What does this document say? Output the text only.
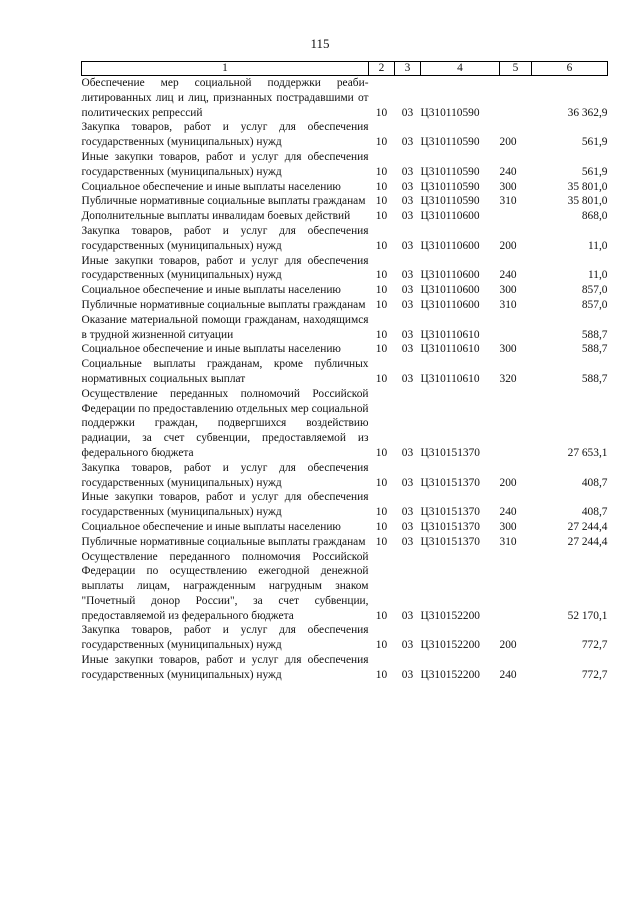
115
1	2	3	4	5	6
Обеспечение мер социальной поддержки реабилитированных лиц и лиц, признанных пострадавшими от политических репрессий	10	03	Ц310110590		36 362,9
Закупка товаров, работ и услуг для обеспечения государственных (муниципальных) нужд	10	03	Ц310110590	200	561,9
Иные закупки товаров, работ и услуг для обеспечения государственных (муниципальных) нужд	10	03	Ц310110590	240	561,9
Социальное обеспечение и иные выплаты населению	10	03	Ц310110590	300	35 801,0
Публичные нормативные социальные выплаты гражданам	10	03	Ц310110590	310	35 801,0
Дополнительные выплаты инвалидам боевых действий	10	03	Ц310110600		868,0
Закупка товаров, работ и услуг для обеспечения государственных (муниципальных) нужд	10	03	Ц310110600	200	11,0
Иные закупки товаров, работ и услуг для обеспечения государственных (муниципальных) нужд	10	03	Ц310110600	240	11,0
Социальное обеспечение и иные выплаты населению	10	03	Ц310110600	300	857,0
Публичные нормативные социальные выплаты гражданам	10	03	Ц310110600	310	857,0
Оказание материальной помощи гражданам, находящимся в трудной жизненной ситуации	10	03	Ц310110610		588,7
Социальное обеспечение и иные выплаты населению	10	03	Ц310110610	300	588,7
Социальные выплаты гражданам, кроме публичных нормативных социальных выплат	10	03	Ц310110610	320	588,7
Осуществление переданных полномочий Российской Федерации по предоставлению отдельных мер социальной поддержки граждан, подвергшихся воздействию радиации, за счет субвенции, предоставляемой из федерального бюджета	10	03	Ц310151370		27 653,1
Закупка товаров, работ и услуг для обеспечения государственных (муниципальных) нужд	10	03	Ц310151370	200	408,7
Иные закупки товаров, работ и услуг для обеспечения государственных (муниципальных) нужд	10	03	Ц310151370	240	408,7
Социальное обеспечение и иные выплаты населению	10	03	Ц310151370	300	27 244,4
Публичные нормативные социальные выплаты гражданам	10	03	Ц310151370	310	27 244,4
Осуществление переданного полномочия Российской Федерации по осуществлению ежегодной денежной выплаты лицам, награжденным нагрудным знаком "Почетный донор России", за счет субвенции, предоставляемой из федерального бюджета	10	03	Ц310152200		52 170,1
Закупка товаров, работ и услуг для обеспечения государственных (муниципальных) нужд	10	03	Ц310152200	200	772,7
Иные закупки товаров, работ и услуг для обеспечения государственных (муниципальных) нужд	10	03	Ц310152200	240	772,7
